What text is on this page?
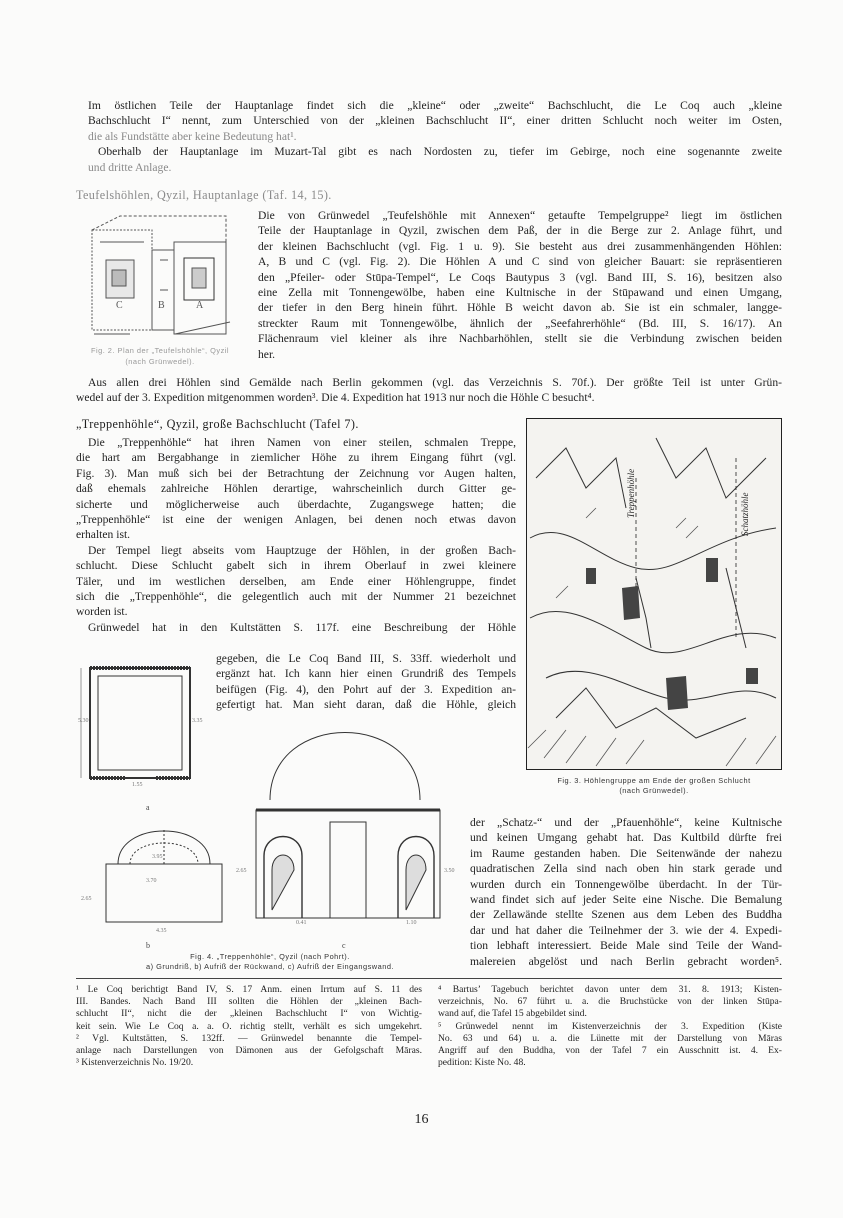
Im östlichen Teile der Hauptanlage findet sich die „kleine“ oder „zweite“ Bachschlucht, die Le Coq auch „kleine

Bachschlucht I“ nennt, zum Unterschied von der „kleinen Bachschlucht II“, einer dritten Schlucht noch weiter im Osten,

die als Fundstätte aber keine Bedeutung hat¹.

Oberhalb der Hauptanlage im Muzart-Tal gibt es nach Nordosten zu, tiefer im Gebirge, noch eine sogenannte zweite

und dritte Anlage.

Teufelshöhlen, Qyzil, Hauptanlage (Taf. 14, 15).
C	B	A
Fig. 2. Plan der „Teufelshöhle“, Qyzil
(nach Grünwedel).

Die von Grünwedel „Teufelshöhle mit Annexen“ getaufte Tempelgruppe² liegt im östlichen

Teile der Hauptanlage in Qyzil, zwischen dem Paß, der in die Berge zur 2. Anlage führt, und

der kleinen Bachschlucht (vgl. Fig. 1 u. 9). Sie besteht aus drei zusammenhängenden Höhlen:

A, B und C (vgl. Fig. 2). Die Höhlen A und C sind von gleicher Bauart: sie repräsentieren

den „Pfeiler- oder Stūpa-Tempel“, Le Coqs Bautypus 3 (vgl. Band III, S. 16), besitzen also

eine Zella mit Tonnengewölbe, haben eine Kultnische in der Stūpawand und einen Umgang,

der tiefer in den Berg hinein führt. Höhle B weicht davon ab. Sie ist ein schmaler, langge-

streckter Raum mit Tonnengewölbe, ähnlich der „Seefahrerhöhle“ (Bd. III, S. 16/17). An

Flächenraum viel kleiner als ihre Nachbarhöhlen, stellt sie die Verbindung zwischen beiden

her.

Aus allen drei Höhlen sind Gemälde nach Berlin gekommen (vgl. das Verzeichnis S. 70f.). Der größte Teil ist unter Grün-

wedel auf der 3. Expedition mitgenommen worden³. Die 4. Expedition hat 1913 nur noch die Höhle C besucht⁴.

„Treppenhöhle“, Qyzil, große Bachschlucht (Tafel 7).

Die „Treppenhöhle“ hat ihren Namen von einer steilen, schmalen Treppe,

die hart am Bergabhange in ziemlicher Höhe zu ihrem Eingang führt (vgl.

Fig. 3). Man muß sich bei der Betrachtung der Zeichnung vor Augen halten,

daß ehemals zahlreiche Höhlen derartige, wahrscheinlich durch Gitter ge-

sicherte und möglicherweise auch überdachte, Zugangswege hatten; die

„Treppenhöhle“ ist eine der wenigen Anlagen, bei denen noch etwas davon

erhalten ist.

Der Tempel liegt abseits vom Hauptzuge der Höhlen, in der großen Bach-

schlucht. Diese Schlucht gabelt sich in ihrem Oberlauf in zwei kleinere

Täler, und im westlichen derselben, am Ende einer Höhlengruppe, findet

sich die „Treppenhöhle“, die gelegentlich auch mit der Nummer 21 bezeichnet

worden ist.

Grünwedel hat in den Kultstätten S. 117f. eine Beschreibung der Höhle

gegeben, die Le Coq Band III, S. 33ff. wiederholt und

ergänzt hat. Ich kann hier einen Grundriß des Tempels

beifügen (Fig. 4), den Pohrt auf der 3. Expedition an-

gefertigt hat. Man sieht daran, daß die Höhle, gleich

Treppenhöhle	Schatzhöhle
Fig. 3. Höhlengruppe am Ende der großen Schlucht
(nach Grünwedel).
5.30	3.35
1.55
a
2.65
4.35
3.70
b
2.65	3.50
1.10
0.41
3.95
c
Fig. 4. „Treppenhöhle“, Qyzil (nach Pohrt).
a) Grundriß, b) Aufriß der Rückwand, c) Aufriß der Eingangswand.

der „Schatz-“ und der „Pfauenhöhle“, keine Kultnische

und keinen Umgang gehabt hat. Das Kultbild dürfte frei

im Raume gestanden haben. Die Seitenwände der nahezu

quadratischen Zella sind nach oben hin stark gerade und

wurden durch ein Tonnengewölbe überdacht. In der Tür-

wand findet sich auf jeder Seite eine Nische. Die Bemalung

der Zellawände stellte Szenen aus dem Leben des Buddha

dar und hat daher die Teilnehmer der 3. wie der 4. Expedi-

tion lebhaft interessiert. Beide Male sind Teile der Wand-

malereien abgelöst und nach Berlin gebracht worden⁵.

¹ Le Coq berichtigt Band IV, S. 17 Anm. einen Irrtum auf S. 11 des

III. Bandes. Nach Band III sollten die Höhlen der „kleinen Bach-

schlucht II“, nicht die der „kleinen Bachschlucht I“ von Wichtig-

keit sein. Wie Le Coq a. a. O. richtig stellt, verhält es sich umgekehrt.

² Vgl. Kultstätten, S. 132ff. — Grünwedel benannte die Tempel-

anlage nach Darstellungen von Dämonen aus der Gefolgschaft Māras.

³ Kistenverzeichnis No. 19/20.

⁴ Bartus’ Tagebuch berichtet davon unter dem 31. 8. 1913; Kisten-

verzeichnis, No. 67 führt u. a. die Bruchstücke von der linken Stūpa-

wand auf, die Tafel 15 abgebildet sind.

⁵ Grünwedel nennt im Kistenverzeichnis der 3. Expedition (Kiste

No. 63 und 64) u. a. die Lünette mit der Darstellung von Māras

Angriff auf den Buddha, von der Tafel 7 ein Ausschnitt ist. 4. Ex-

pedition: Kiste No. 48.

16
